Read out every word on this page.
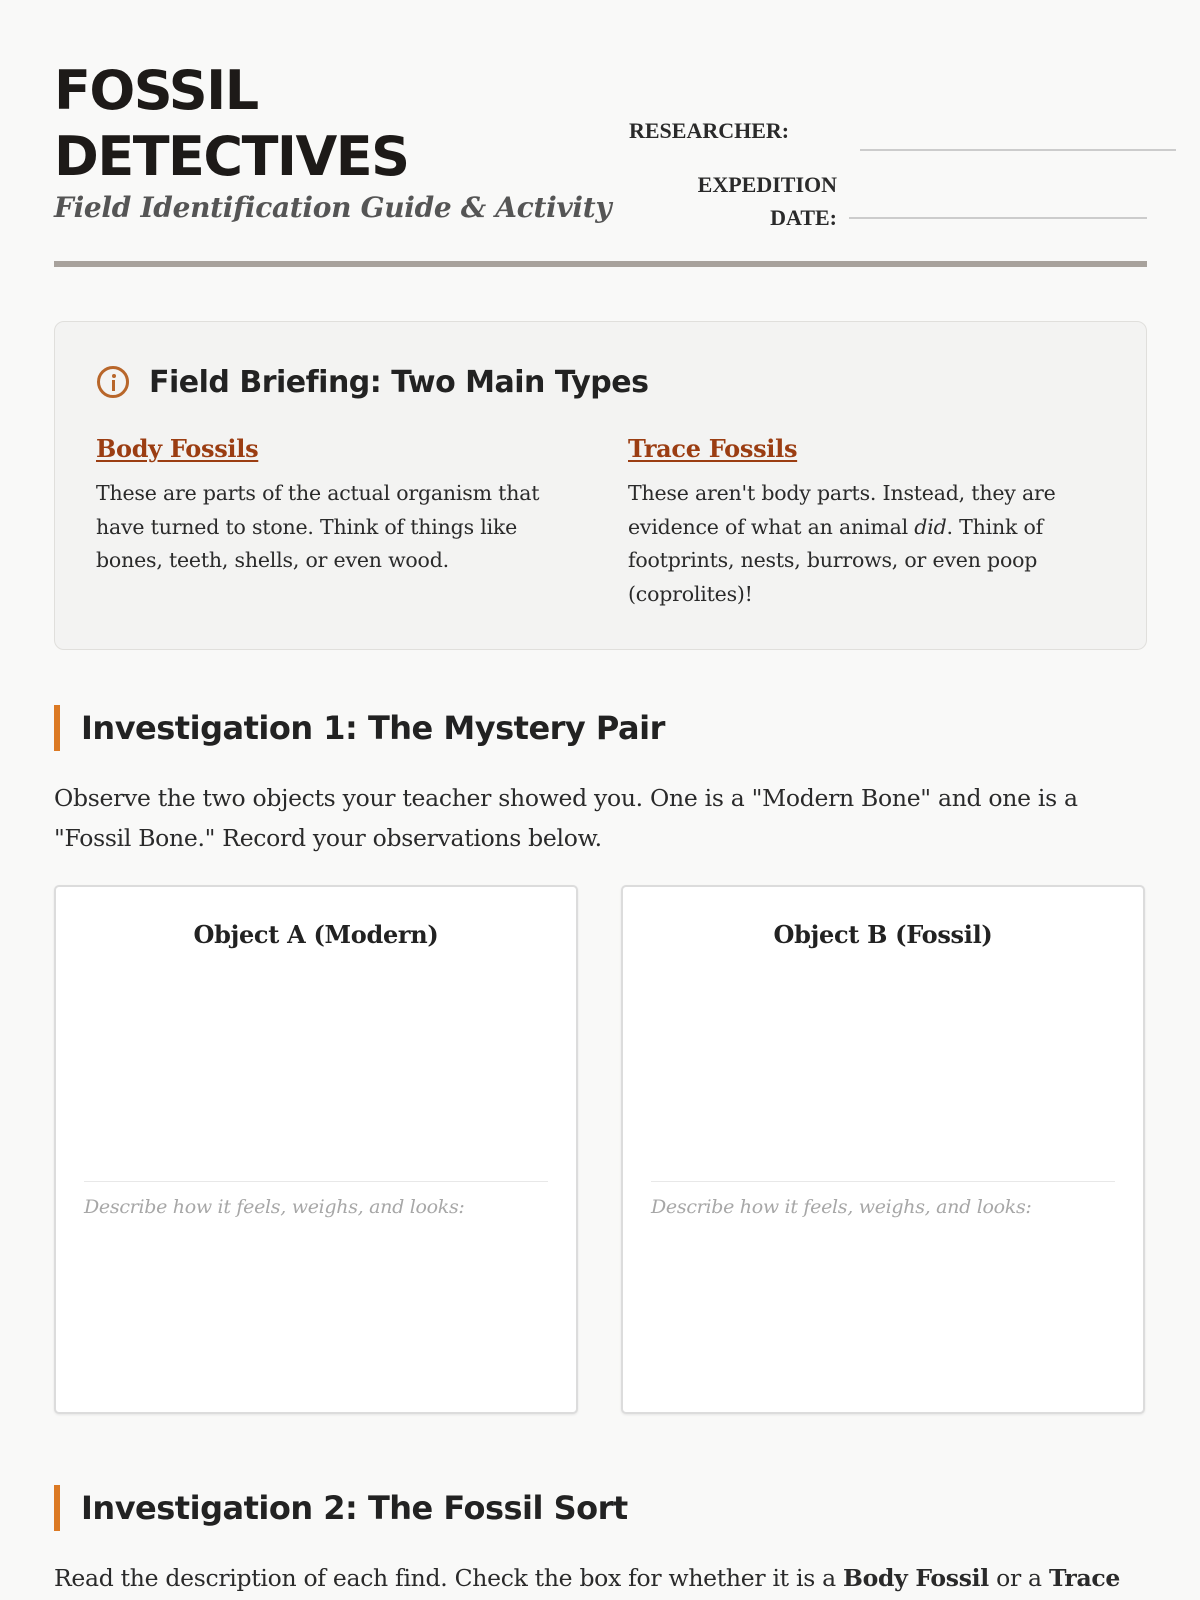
FOSSIL
DETECTIVES
Field Identification Guide & Activity
RESEARCHER:
EXPEDITION
DATE:
Field Briefing: Two Main Types
Body Fossils

These are parts of the actual organism that have turned to stone. Think of things like bones, teeth, shells, or even wood.

Trace Fossils

These aren't body parts. Instead, they are evidence of what an animal did. Think of footprints, nests, burrows, or even poop (coprolites)!

Investigation 1: The Mystery Pair

Observe the two objects your teacher showed you. One is a "Modern Bone" and one is a "Fossil Bone." Record your observations below.

Object A (Modern)
Describe how it feels, weighs, and looks:
Object B (Fossil)
Describe how it feels, weighs, and looks:
Investigation 2: The Fossil Sort

Read the description of each find. Check the box for whether it is a Body Fossil or a Trace
